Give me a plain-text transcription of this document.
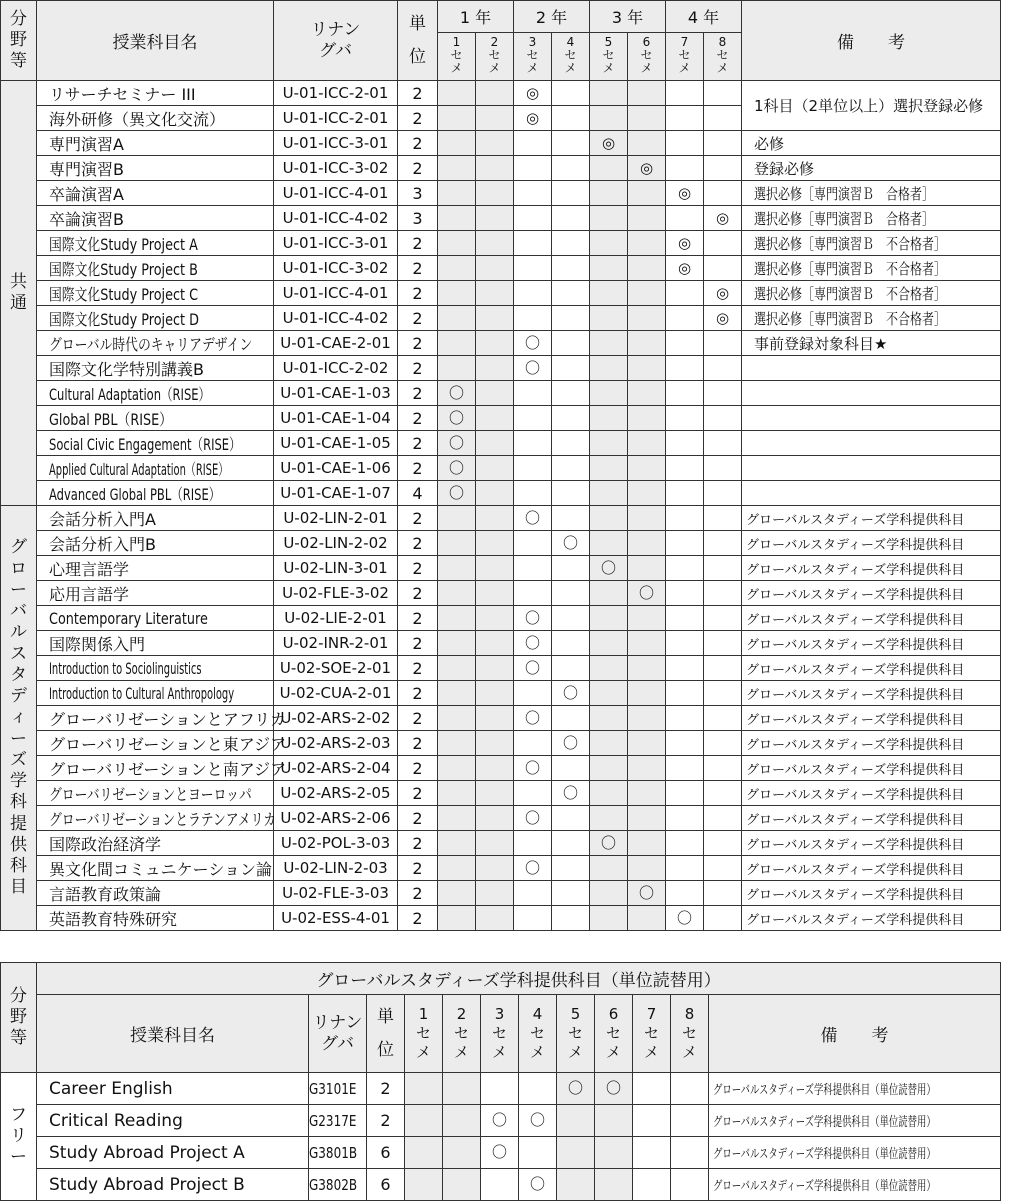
分野等	授業科目名	リナングバ	単位	1 年		2 年		3 年		4 年		備　　考
				1セメ	2セメ	3セメ	4セメ	5セメ	6セメ	7セメ	8セメ	
共　通	リサーチセミナー III	U-01-ICC-2-01	2			◎						1科目（2単位以上）選択登録必修
	海外研修（異文化交流）	U-01-ICC-2-01	2			◎						
	専門演習A	U-01-ICC-3-01	2					◎				必修
	専門演習B	U-01-ICC-3-02	2						◎			登録必修
	卒論演習A	U-01-ICC-4-01	3							◎		選択必修［専門演習Ｂ　合格者］
	卒論演習B	U-01-ICC-4-02	3								◎	選択必修［専門演習Ｂ　合格者］
	国際文化Study Project A	U-01-ICC-3-01	2							◎		選択必修［専門演習Ｂ　不合格者］
	国際文化Study Project B	U-01-ICC-3-02	2							◎		選択必修［専門演習Ｂ　不合格者］
	国際文化Study Project C	U-01-ICC-4-01	2								◎	選択必修［専門演習Ｂ　不合格者］
	国際文化Study Project D	U-01-ICC-4-02	2								◎	選択必修［専門演習Ｂ　不合格者］
	グローバル時代のキャリアデザイン	U-01-CAE-2-01	2			〇						事前登録対象科目★
	国際文化学特別講義B	U-01-ICC-2-02	2			〇						
	Cultural Adaptation（RISE）	U-01-CAE-1-03	2	〇								
	Global PBL（RISE）	U-01-CAE-1-04	2	〇								
	Social Civic Engagement（RISE）	U-01-CAE-1-05	2	〇								
	Applied Cultural Adaptation（RISE）	U-01-CAE-1-06	2	〇								
	Advanced Global PBL（RISE）	U-01-CAE-1-07	4	〇								
グローバルスタディーズ学科提供科目	会話分析入門A	U-02-LIN-2-01	2			〇						グローバルスタディーズ学科提供科目
	会話分析入門B	U-02-LIN-2-02	2				〇					グローバルスタディーズ学科提供科目
	心理言語学	U-02-LIN-3-01	2					〇				グローバルスタディーズ学科提供科目
	応用言語学	U-02-FLE-3-02	2						〇			グローバルスタディーズ学科提供科目
	Contemporary Literature	U-02-LIE-2-01	2			〇						グローバルスタディーズ学科提供科目
	国際関係入門	U-02-INR-2-01	2			〇						グローバルスタディーズ学科提供科目
	Introduction to Sociolinguistics	U-02-SOE-2-01	2			〇						グローバルスタディーズ学科提供科目
	Introduction to Cultural Anthropology	U-02-CUA-2-01	2				〇					グローバルスタディーズ学科提供科目
	グローバリゼーションとアフリカ	U-02-ARS-2-02	2			〇						グローバルスタディーズ学科提供科目
	グローバリゼーションと東アジア	U-02-ARS-2-03	2				〇					グローバルスタディーズ学科提供科目
	グローバリゼーションと南アジア	U-02-ARS-2-04	2			〇						グローバルスタディーズ学科提供科目
	グローバリゼーションとヨーロッパ	U-02-ARS-2-05	2				〇					グローバルスタディーズ学科提供科目
	グローバリゼーションとラテンアメリカ	U-02-ARS-2-06	2			〇						グローバルスタディーズ学科提供科目
	国際政治経済学	U-02-POL-3-03	2					〇				グローバルスタディーズ学科提供科目
	異文化間コミュニケーション論	U-02-LIN-2-03	2			〇						グローバルスタディーズ学科提供科目
	言語教育政策論	U-02-FLE-3-03	2						〇			グローバルスタディーズ学科提供科目
	英語教育特殊研究	U-02-ESS-4-01	2							〇		グローバルスタディーズ学科提供科目
分野等	グローバルスタディーズ学科提供科目（単位読替用）											
	授業科目名	リナングバ	単位	1セメ	2セメ	3セメ	4セメ	5セメ	6セメ	7セメ	8セメ	備　　考
フリー	Career English	G3101E	2					〇	〇			グローバルスタディーズ学科提供科目（単位読替用）
	Critical Reading	G2317E	2			〇	〇					グローバルスタディーズ学科提供科目（単位読替用）
	Study Abroad Project A	G3801B	6			〇						グローバルスタディーズ学科提供科目（単位読替用）
	Study Abroad Project B	G3802B	6				〇					グローバルスタディーズ学科提供科目（単位読替用）
